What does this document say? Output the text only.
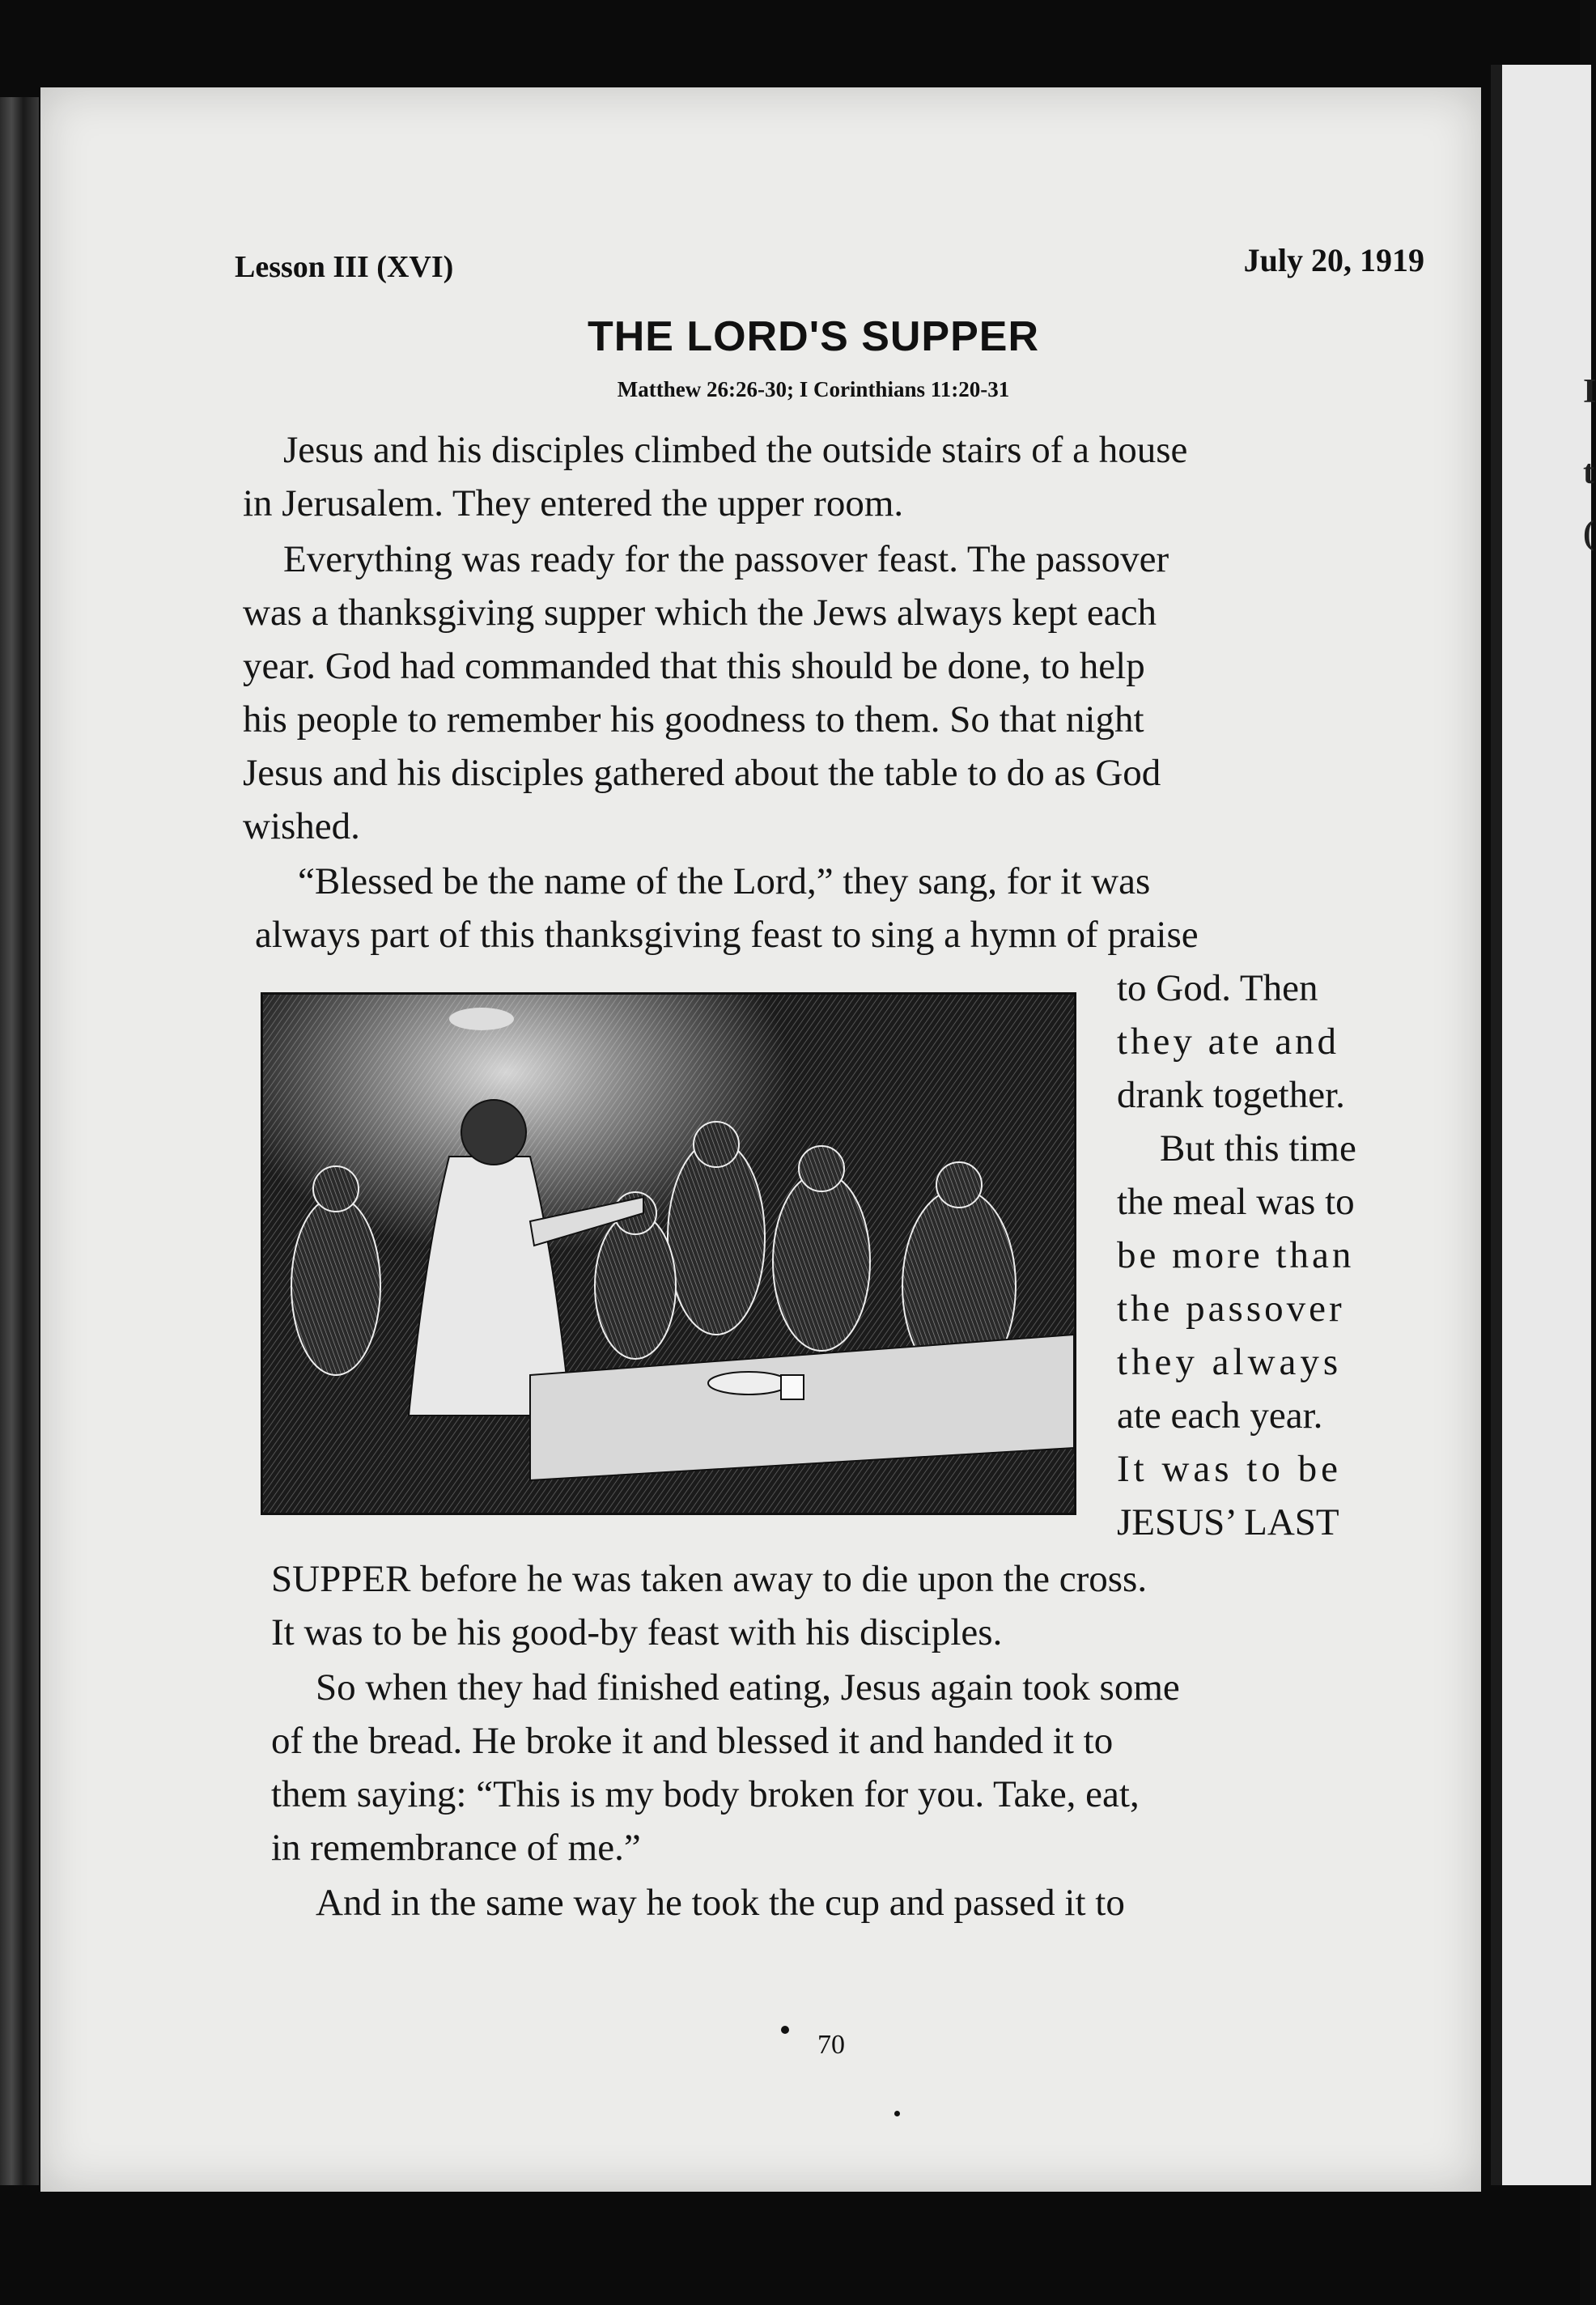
I
t
(
Lesson III (XVI)	July 20, 1919
THE LORD'S SUPPER
Matthew 26:26-30; I Corinthians 11:20-31
Jesus and his disciples climbed the outside stairs of a house
in Jerusalem. They entered the upper room.
Everything was ready for the passover feast. The passover
was a thanksgiving supper which the Jews always kept each
year. God had commanded that this should be done, to help
his people to remember his goodness to them. So that night
Jesus and his disciples gathered about the table to do as God
wished.
“Blessed be the name of the Lord,” they sang, for it was
always part of this thanksgiving feast to sing a hymn of praise
to God. Then
they ate and
drank together.
But this time
the meal was to
be more than
the passover
they always
ate each year.
It was to be
JESUS’ LAST
SUPPER before he was taken away to die upon the cross.
It was to be his good-by feast with his disciples.
So when they had finished eating, Jesus again took some
of the bread. He broke it and blessed it and handed it to
them saying: “This is my body broken for you. Take, eat,
in remembrance of me.”
And in the same way he took the cup and passed it to
70
